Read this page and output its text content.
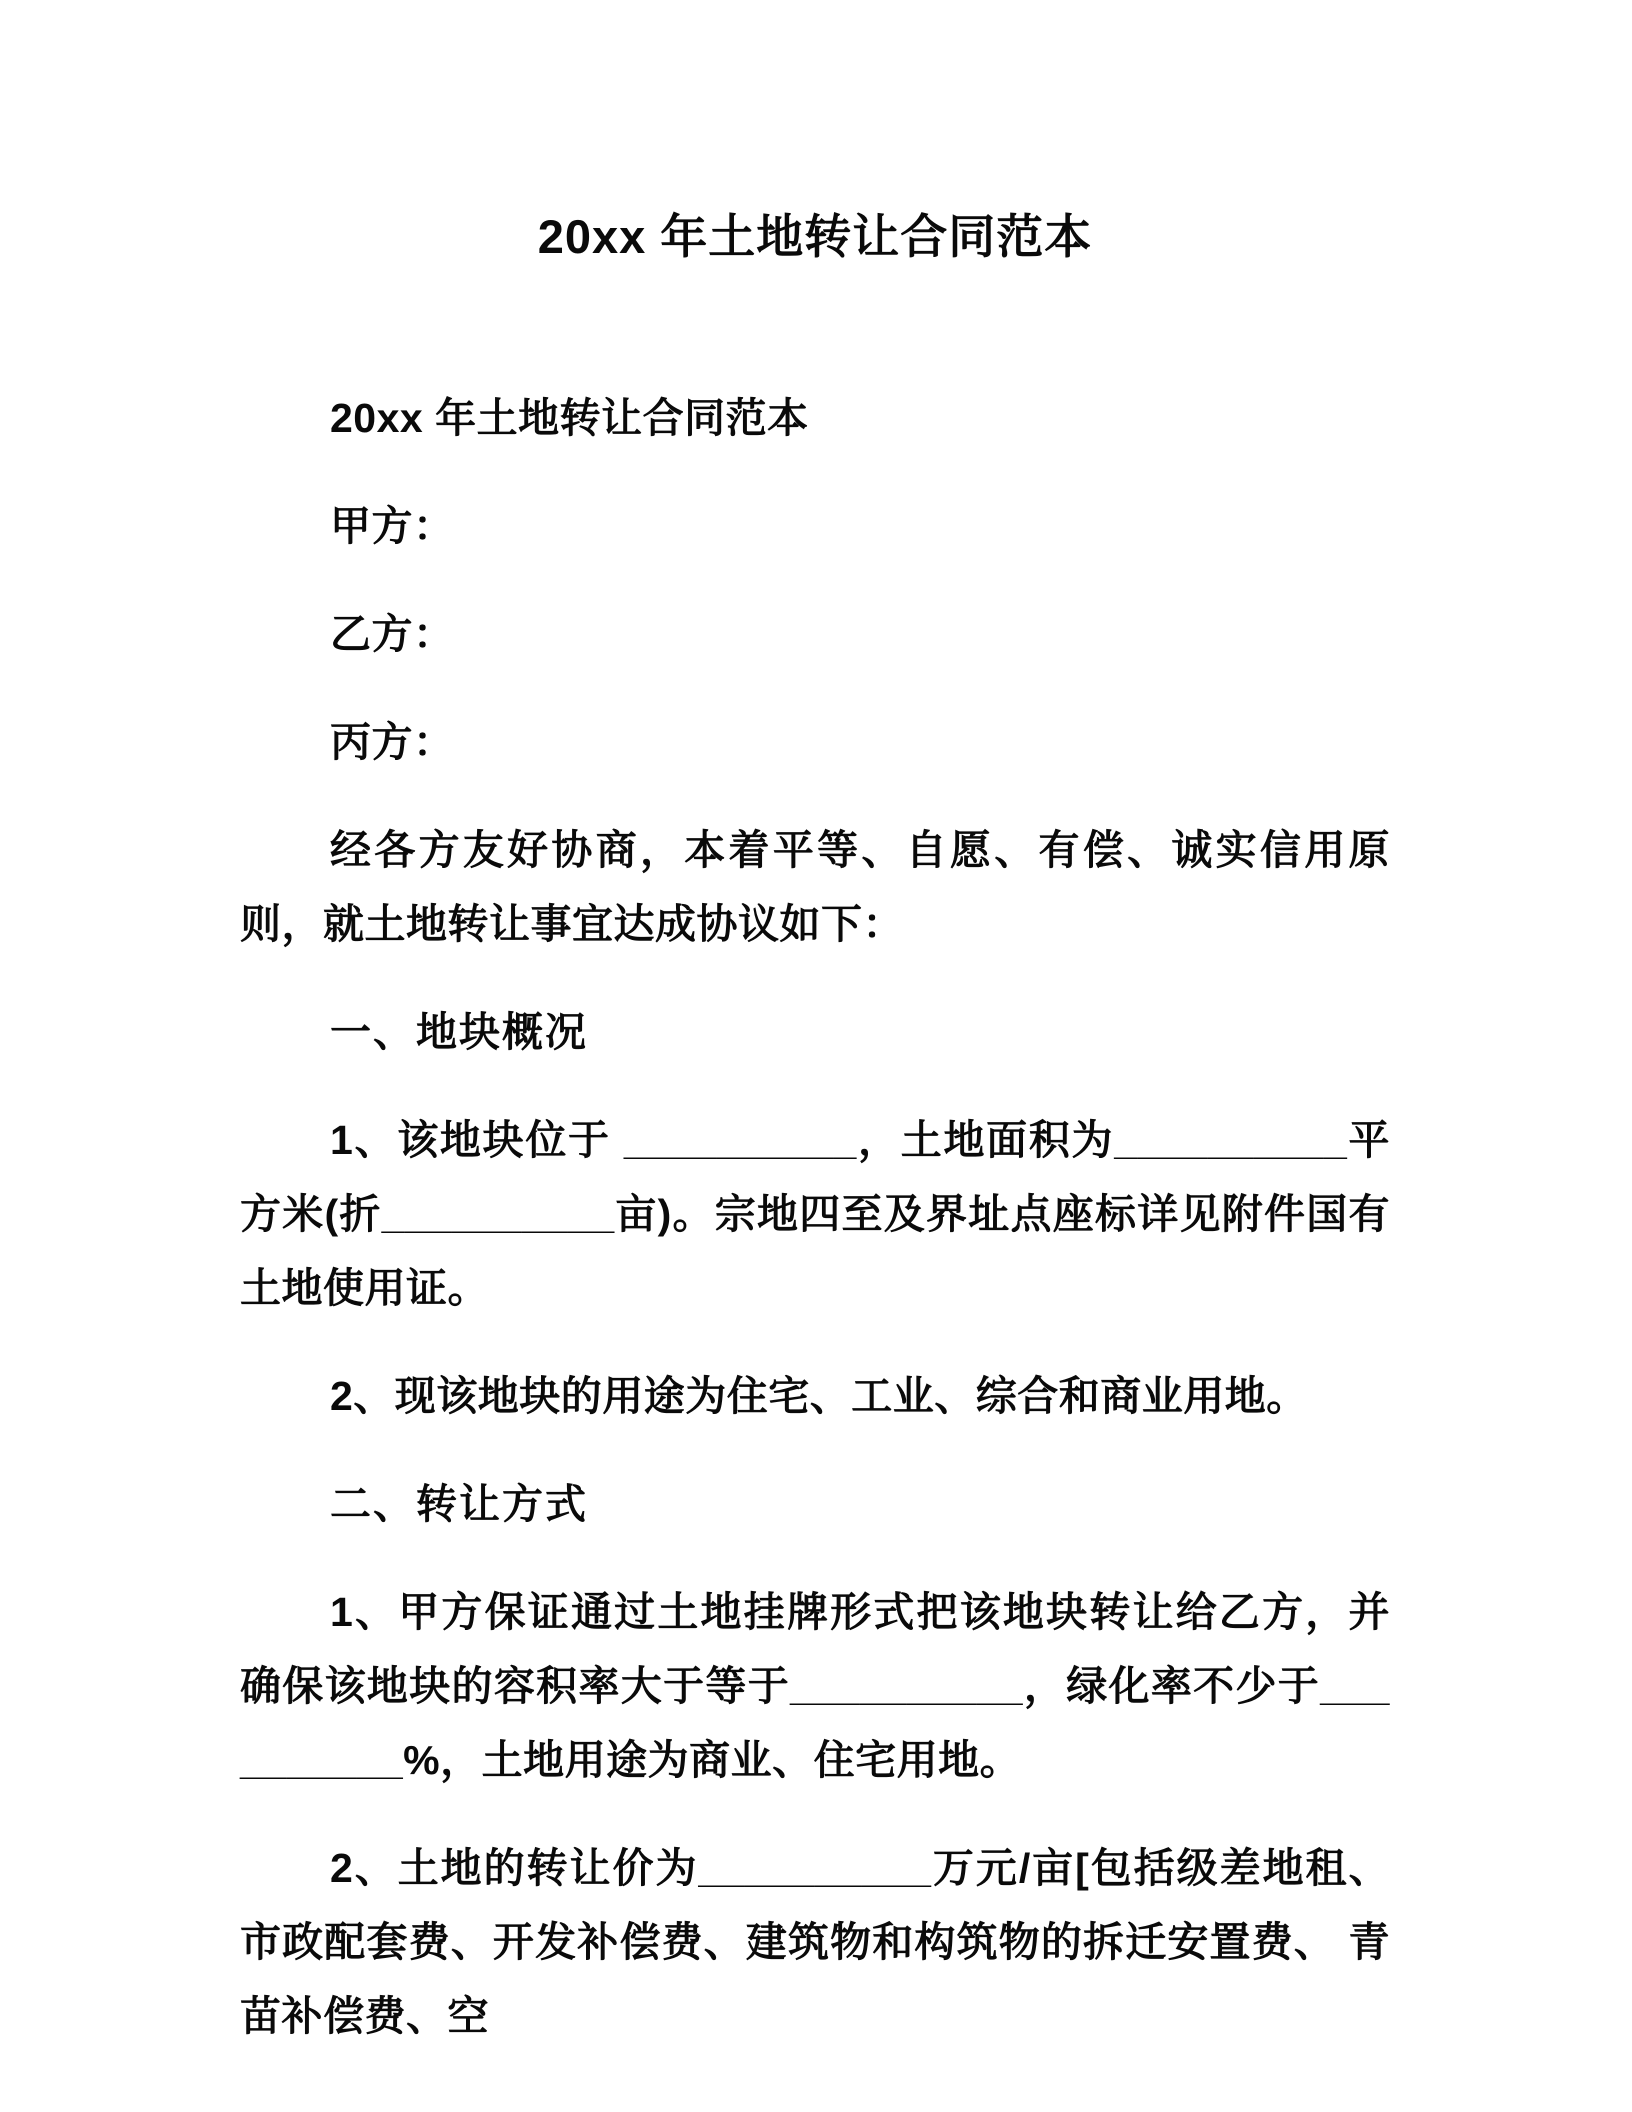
20xx 年土地转让合同范本

20xx 年土地转让合同范本

甲方：

乙方：

丙方：

经各方友好协商，本着平等、自愿、有偿、诚实信用原则，就土地转让事宜达成协议如下：

一、地块概况

1、该地块位于 __________，土地面积为__________平方米(折__________亩)。宗地四至及界址点座标详见附件国有 土地使用证。

2、现该地块的用途为住宅、工业、综合和商业用地。

二、转让方式

1、甲方保证通过土地挂牌形式把该地块转让给乙方，并确保该地块的容积率大于等于__________，绿化率不少于__________%，土地用途为商业、住宅用地。

2、土地的转让价为__________万元/亩[包括级差地租、市政配套费、开发补偿费、建筑物和构筑物的拆迁安置费、 青苗补偿费、空
